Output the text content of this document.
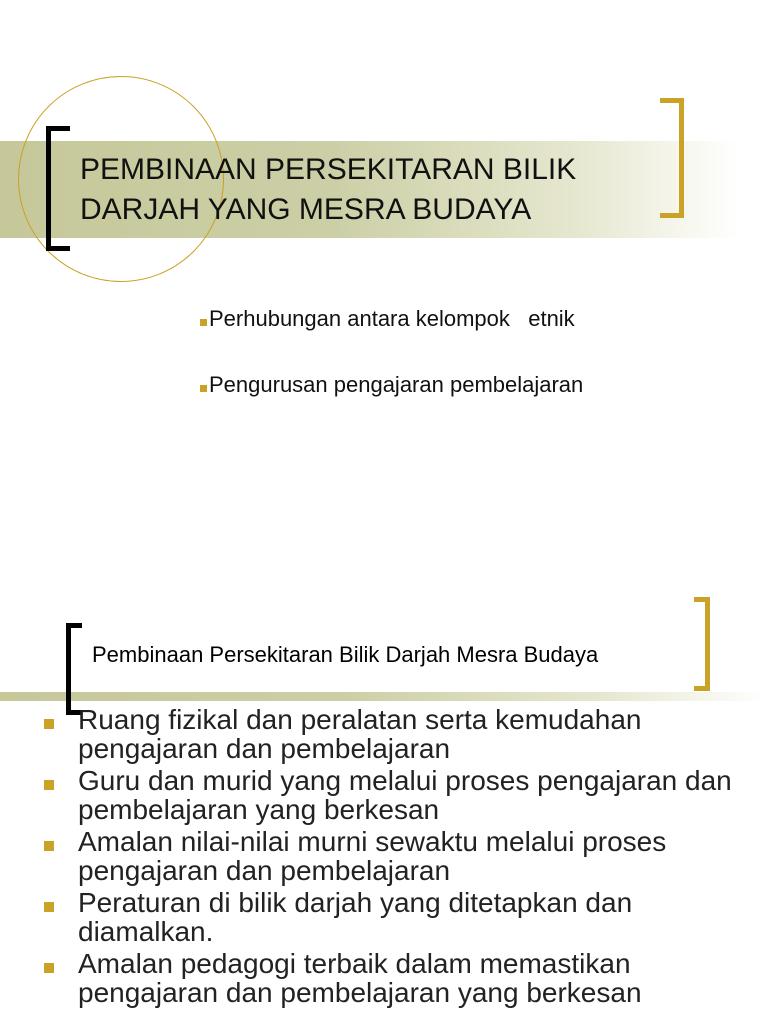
PEMBINAAN PERSEKITARAN BILIK
DARJAH YANG MESRA BUDAYA
Perhubungan antara kelompok   etnik
Pengurusan pengajaran pembelajaran
Pembinaan Persekitaran Bilik Darjah Mesra Budaya
Ruang fizikal dan peralatan serta kemudahan pengajaran dan pembelajaran
Guru dan murid yang melalui proses pengajaran dan pembelajaran yang berkesan
Amalan nilai-nilai murni sewaktu melalui proses pengajaran dan pembelajaran
Peraturan di bilik darjah yang ditetapkan dan diamalkan.
Amalan pedagogi terbaik dalam memastikan pengajaran dan pembelajaran yang berkesan
